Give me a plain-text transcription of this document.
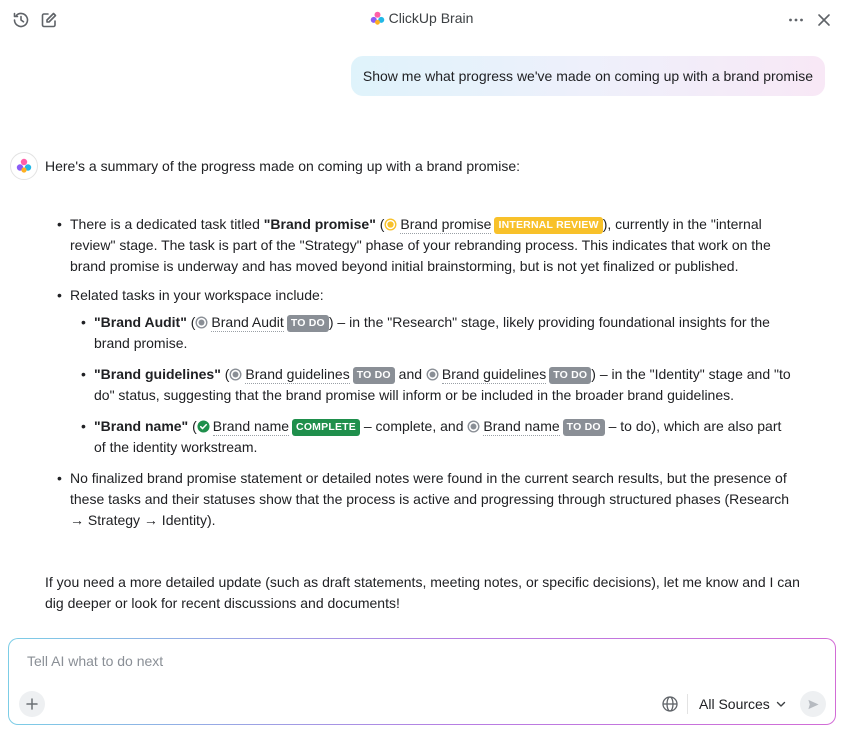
ClickUp Brain
Show me what progress we've made on coming up with a brand promise
Here's a summary of the progress made on coming up with a brand promise:
• There is a dedicated task titled "Brand promise" ( Brand promise INTERNAL REVIEW ), currently in the "internal review" stage. The task is part of the "Strategy" phase of your rebranding process. This indicates that work on the brand promise is underway and has moved beyond initial brainstorming, but is not yet finalized or published.
• Related tasks in your workspace include:
• "Brand Audit" ( Brand Audit TO DO ) – in the "Research" stage, likely providing foundational insights for the brand promise.
• "Brand guidelines" ( Brand guidelines TO DO and
Brand guidelines TO DO ) – in the "Identity" stage and "to do" status, suggesting that the brand promise will inform or be included in the broader brand guidelines.
• "Brand name" ( Brand name COMPLETE – complete, and
Brand name TO DO – to do), which are also part of the identity workstream.
• No finalized brand promise statement or detailed notes were found in the current search results, but the presence of these tasks and their statuses show that the process is active and progressing through structured phases (Research → Strategy → Identity).
If you need a more detailed update (such as draft statements, meeting notes, or specific decisions), let me know and I can dig deeper or look for recent discussions and documents!
Tell AI what to do next
All Sources
